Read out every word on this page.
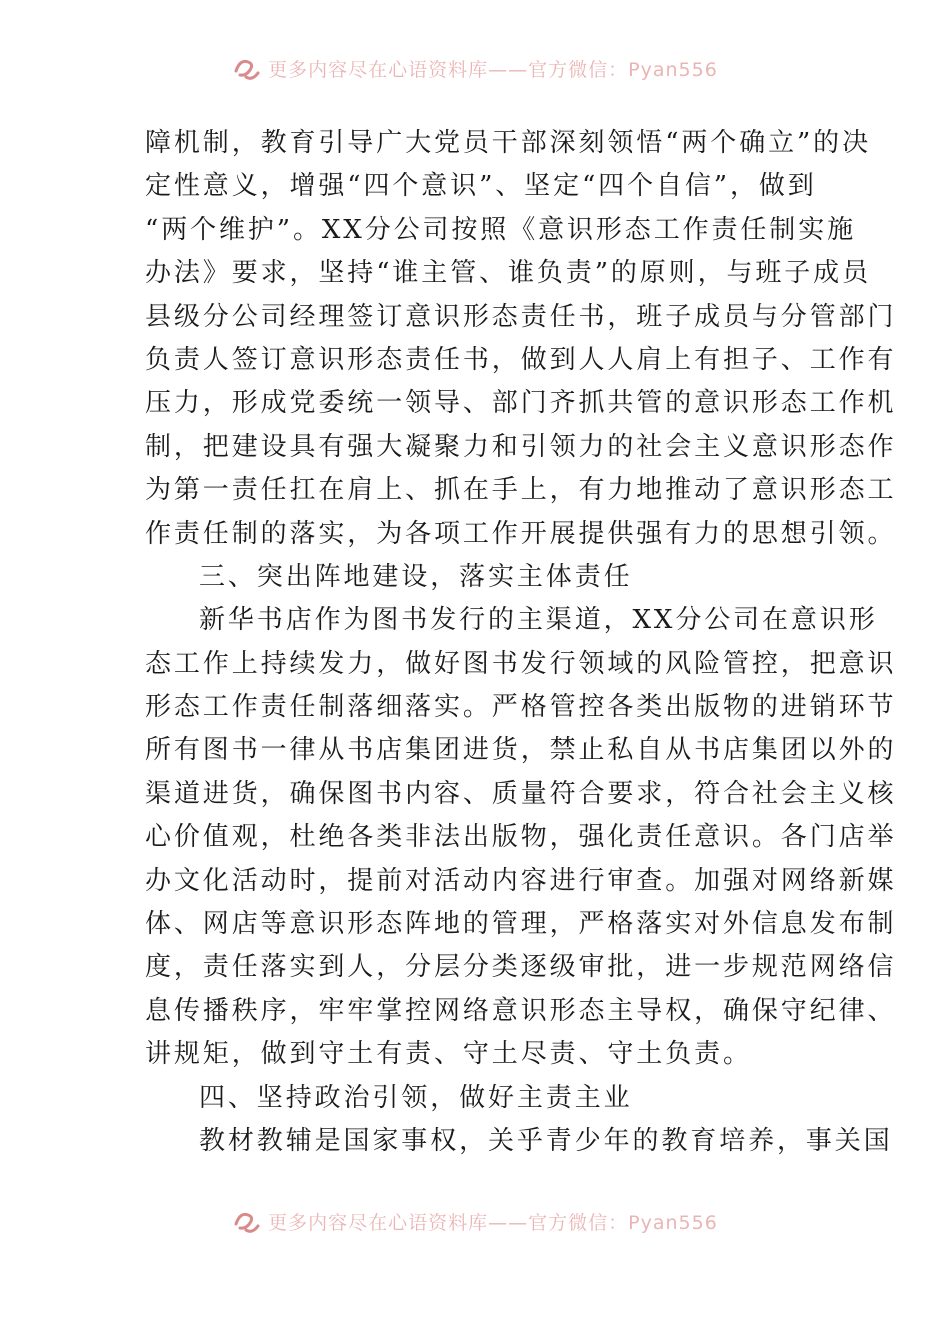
更多内容尽在心语资料库——官方微信：Pyan556
障机制，教育引导广大党员干部深刻领悟“两个确立”的决
定性意义，增强“四个意识”、坚定“四个自信”，做到
“两个维护”。XX分公司按照《意识形态工作责任制实施
办法》要求，坚持“谁主管、谁负责”的原则，与班子成员
县级分公司经理签订意识形态责任书，班子成员与分管部门
负责人签订意识形态责任书，做到人人肩上有担子、工作有
压力，形成党委统一领导、部门齐抓共管的意识形态工作机
制，把建设具有强大凝聚力和引领力的社会主义意识形态作
为第一责任扛在肩上、抓在手上，有力地推动了意识形态工
作责任制的落实，为各项工作开展提供强有力的思想引领。
三、突出阵地建设，落实主体责任
新华书店作为图书发行的主渠道，XX分公司在意识形
态工作上持续发力，做好图书发行领域的风险管控，把意识
形态工作责任制落细落实。严格管控各类出版物的进销环节
所有图书一律从书店集团进货，禁止私自从书店集团以外的
渠道进货，确保图书内容、质量符合要求，符合社会主义核
心价值观，杜绝各类非法出版物，强化责任意识。各门店举
办文化活动时，提前对活动内容进行审查。加强对网络新媒
体、网店等意识形态阵地的管理，严格落实对外信息发布制
度，责任落实到人，分层分类逐级审批，进一步规范网络信
息传播秩序，牢牢掌控网络意识形态主导权，确保守纪律、
讲规矩，做到守土有责、守土尽责、守土负责。
四、坚持政治引领，做好主责主业
教材教辅是国家事权，关乎青少年的教育培养，事关国
更多内容尽在心语资料库——官方微信：Pyan556
